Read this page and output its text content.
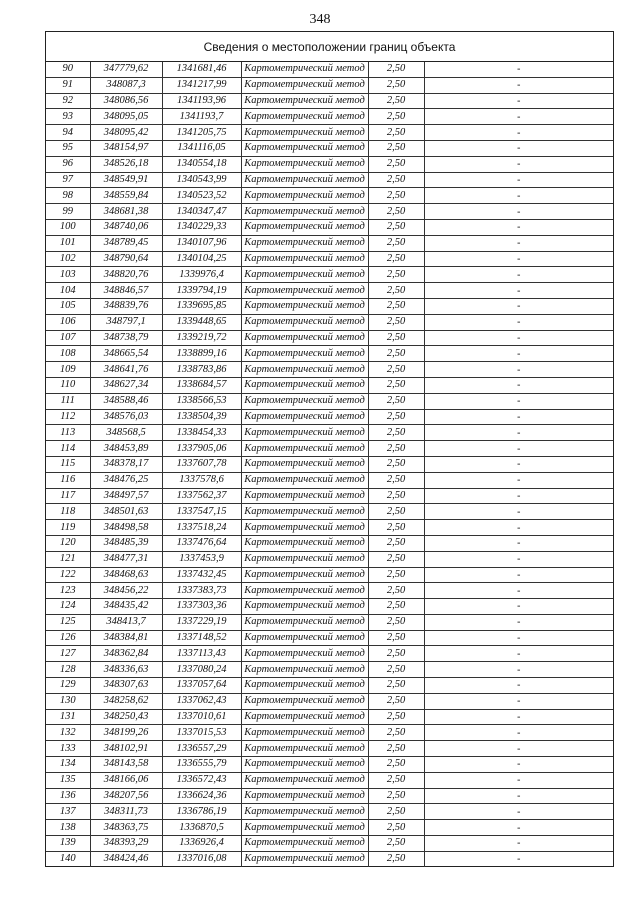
348
Сведения о местоположении границ объекта
90	347779,62	1341681,46	Картометрический метод	2,50	-
91	348087,3	1341217,99	Картометрический метод	2,50	-
92	348086,56	1341193,96	Картометрический метод	2,50	-
93	348095,05	1341193,7	Картометрический метод	2,50	-
94	348095,42	1341205,75	Картометрический метод	2,50	-
95	348154,97	1341116,05	Картометрический метод	2,50	-
96	348526,18	1340554,18	Картометрический метод	2,50	-
97	348549,91	1340543,99	Картометрический метод	2,50	-
98	348559,84	1340523,52	Картометрический метод	2,50	-
99	348681,38	1340347,47	Картометрический метод	2,50	-
100	348740,06	1340229,33	Картометрический метод	2,50	-
101	348789,45	1340107,96	Картометрический метод	2,50	-
102	348790,64	1340104,25	Картометрический метод	2,50	-
103	348820,76	1339976,4	Картометрический метод	2,50	-
104	348846,57	1339794,19	Картометрический метод	2,50	-
105	348839,76	1339695,85	Картометрический метод	2,50	-
106	348797,1	1339448,65	Картометрический метод	2,50	-
107	348738,79	1339219,72	Картометрический метод	2,50	-
108	348665,54	1338899,16	Картометрический метод	2,50	-
109	348641,76	1338783,86	Картометрический метод	2,50	-
110	348627,34	1338684,57	Картометрический метод	2,50	-
111	348588,46	1338566,53	Картометрический метод	2,50	-
112	348576,03	1338504,39	Картометрический метод	2,50	-
113	348568,5	1338454,33	Картометрический метод	2,50	-
114	348453,89	1337905,06	Картометрический метод	2,50	-
115	348378,17	1337607,78	Картометрический метод	2,50	-
116	348476,25	1337578,6	Картометрический метод	2,50	-
117	348497,57	1337562,37	Картометрический метод	2,50	-
118	348501,63	1337547,15	Картометрический метод	2,50	-
119	348498,58	1337518,24	Картометрический метод	2,50	-
120	348485,39	1337476,64	Картометрический метод	2,50	-
121	348477,31	1337453,9	Картометрический метод	2,50	-
122	348468,63	1337432,45	Картометрический метод	2,50	-
123	348456,22	1337383,73	Картометрический метод	2,50	-
124	348435,42	1337303,36	Картометрический метод	2,50	-
125	348413,7	1337229,19	Картометрический метод	2,50	-
126	348384,81	1337148,52	Картометрический метод	2,50	-
127	348362,84	1337113,43	Картометрический метод	2,50	-
128	348336,63	1337080,24	Картометрический метод	2,50	-
129	348307,63	1337057,64	Картометрический метод	2,50	-
130	348258,62	1337062,43	Картометрический метод	2,50	-
131	348250,43	1337010,61	Картометрический метод	2,50	-
132	348199,26	1337015,53	Картометрический метод	2,50	-
133	348102,91	1336557,29	Картометрический метод	2,50	-
134	348143,58	1336555,79	Картометрический метод	2,50	-
135	348166,06	1336572,43	Картометрический метод	2,50	-
136	348207,56	1336624,36	Картометрический метод	2,50	-
137	348311,73	1336786,19	Картометрический метод	2,50	-
138	348363,75	1336870,5	Картометрический метод	2,50	-
139	348393,29	1336926,4	Картометрический метод	2,50	-
140	348424,46	1337016,08	Картометрический метод	2,50	-
